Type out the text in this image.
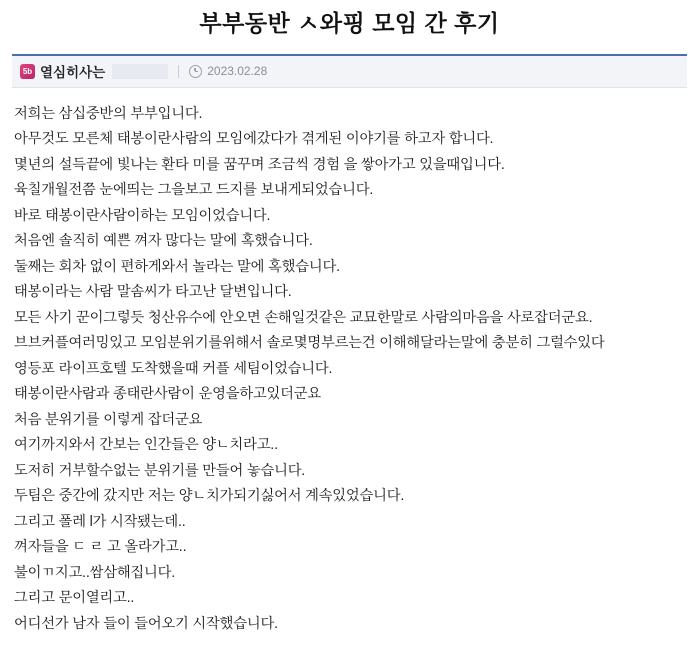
부부동반 ㅅ와핑 모임 간 후기
5b 열심히사는	2023.02.28
저희는 삼십중반의 부부입니다.
아무것도 모른체 태봉이란사람의 모임에갔다가 겪게된 이야기를 하고자 합니다.
몇년의 설득끝에 빛나는 환타 미를 꿈꾸며 조금씩 경험 을 쌓아가고 있을때입니다.
육칠개월전쯤 눈에띄는 그을보고 드지를 보내게되었습니다.
바로 태봉이란사람이하는 모임이었습니다.
처음엔 솔직히 예쁜 껴자 많다는 말에 혹했습니다.
둘째는 회차 없이 편하게와서 놀라는 말에 혹했습니다.
태봉이라는 사람 말솜씨가 타고난 달변입니다.
모든 사기 꾼이그렇듯 청산유수에 안오면 손해일것같은 교묘한말로 사람의마음을 사로잡더군요.
브브커플여러밍있고 모임분위기를위해서 솔로몇명부르는건 이해해달라는말에 충분히 그럴수있다
영등포 라이프호텔 도착했을때 커플 세팀이었습니다.
태봉이란사람과 종태란사람이 운영을하고있더군요
처음 분위기를 이렇게 잡더군요
여기까지와서 간보는 인간들은 양ㄴ치라고..
도저히 거부할수없는 분위기를 만들어 놓습니다.
두팀은 중간에 갔지만 저는 양ㄴ치가되기싫어서 계속있었습니다.
그리고 폴레 l가 시작됐는데..
껴자들을 ㄷ ㄹ 고 올라가고..
불이ㄲ지고..쌈삼해집니다.
그리고 문이열리고..
어디선가 남자 들이 들어오기 시작했습니다.
